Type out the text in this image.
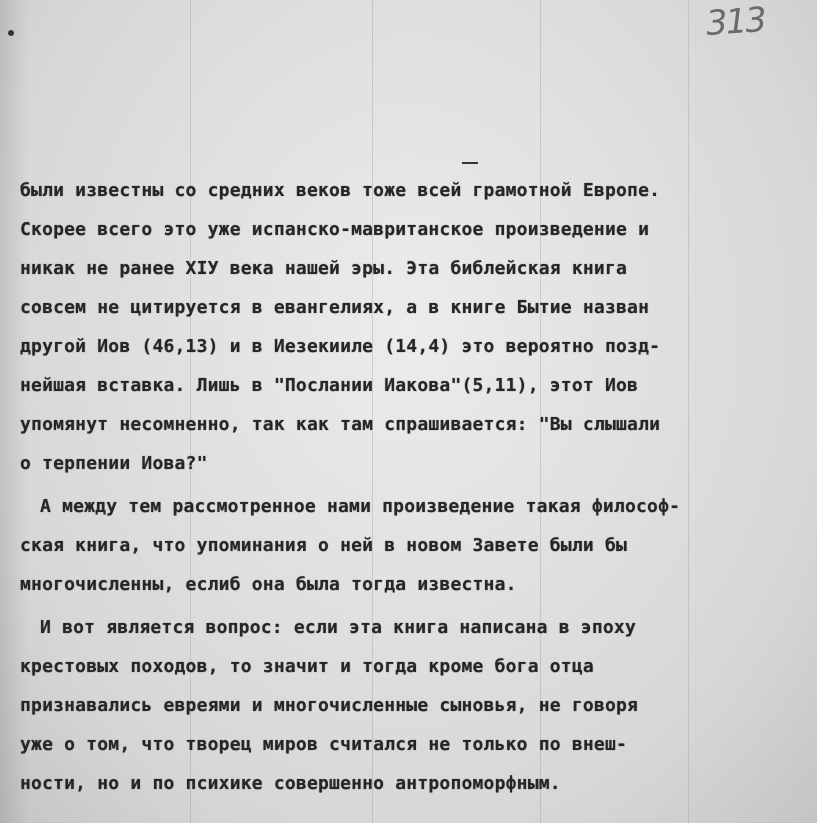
313
были известны со средних веков тоже всей грамотной Европе.
Скорее всего это уже испанско-мавританское произведение и
никак не ранее XIУ века нашей эры. Эта библейская книга
совсем не цитируется в евангелиях, а в книге Бытие назван
другой Иов (46,13) и в Иезекииле (14,4) это вероятно позд-
нейшая вставка. Лишь в "Послании Иакова"(5,11), этот Иов
упомянут несомненно, так как там спрашивается: "Вы слышали
о терпении Иова?"
А между тем рассмотренное нами произведение такая философ-
ская книга, что упоминания о ней в новом Завете были бы
многочисленны, еслиб она была тогда известна.
И вот является вопрос: если эта книга написана в эпоху
крестовых походов, то значит и тогда кроме бога отца
признавались евреями и многочисленные сыновья, не говоря
уже о том, что творец миров считался не только по внеш-
ности, но и по психике совершенно антропоморфным.
